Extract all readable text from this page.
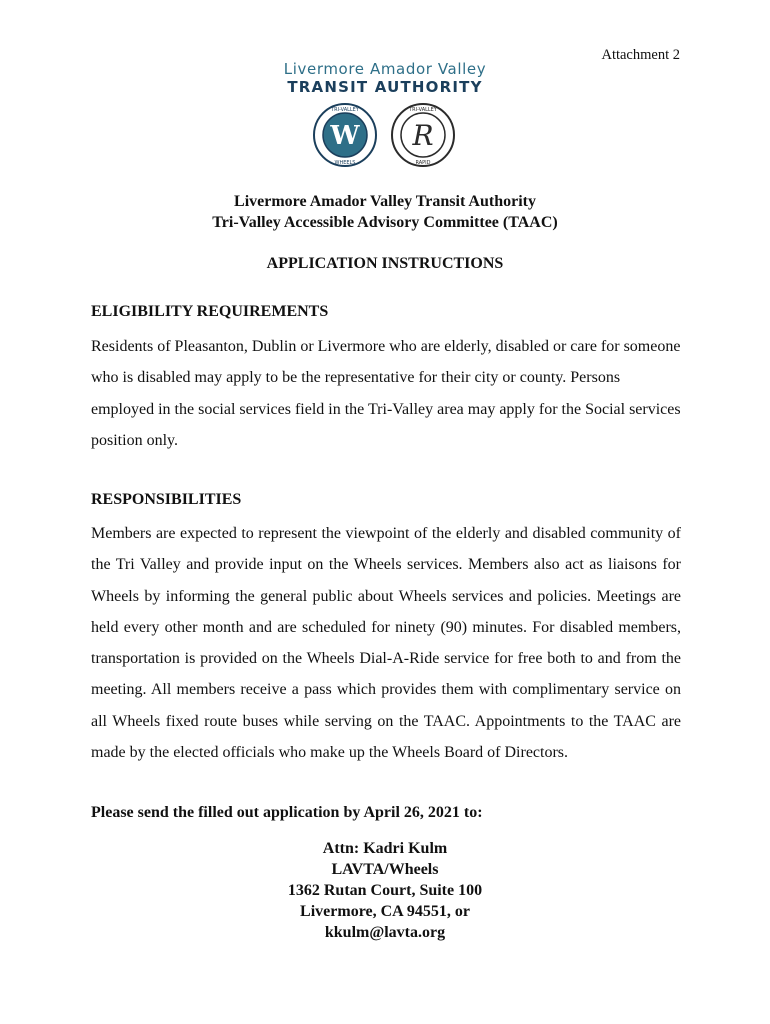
Attachment 2
Livermore Amador Valley
TRANSIT AUTHORITY
W
TRI-VALLEY
WHEELS
R
TRI-VALLEY
RAPID
Livermore Amador Valley Transit Authority
Tri-Valley Accessible Advisory Committee (TAAC)
APPLICATION INSTRUCTIONS
ELIGIBILITY REQUIREMENTS
Residents of Pleasanton, Dublin or Livermore who are elderly, disabled or care for someone who is disabled may apply to be the representative for their city or county. Persons employed in the social services field in the Tri-Valley area may apply for the Social services position only.
RESPONSIBILITIES
Members are expected to represent the viewpoint of the elderly and disabled community of the Tri Valley and provide input on the Wheels services. Members also act as liaisons for Wheels by informing the general public about Wheels services and policies. Meetings are held every other month and are scheduled for ninety (90) minutes. For disabled members, transportation is provided on the Wheels Dial-A-Ride service for free both to and from the meeting. All members receive a pass which provides them with complimentary service on all Wheels fixed route buses while serving on the TAAC. Appointments to the TAAC are made by the elected officials who make up the Wheels Board of Directors.
Please send the filled out application by April 26, 2021 to:
Attn: Kadri Kulm
LAVTA/Wheels
1362 Rutan Court, Suite 100
Livermore, CA 94551, or
kkulm@lavta.org
